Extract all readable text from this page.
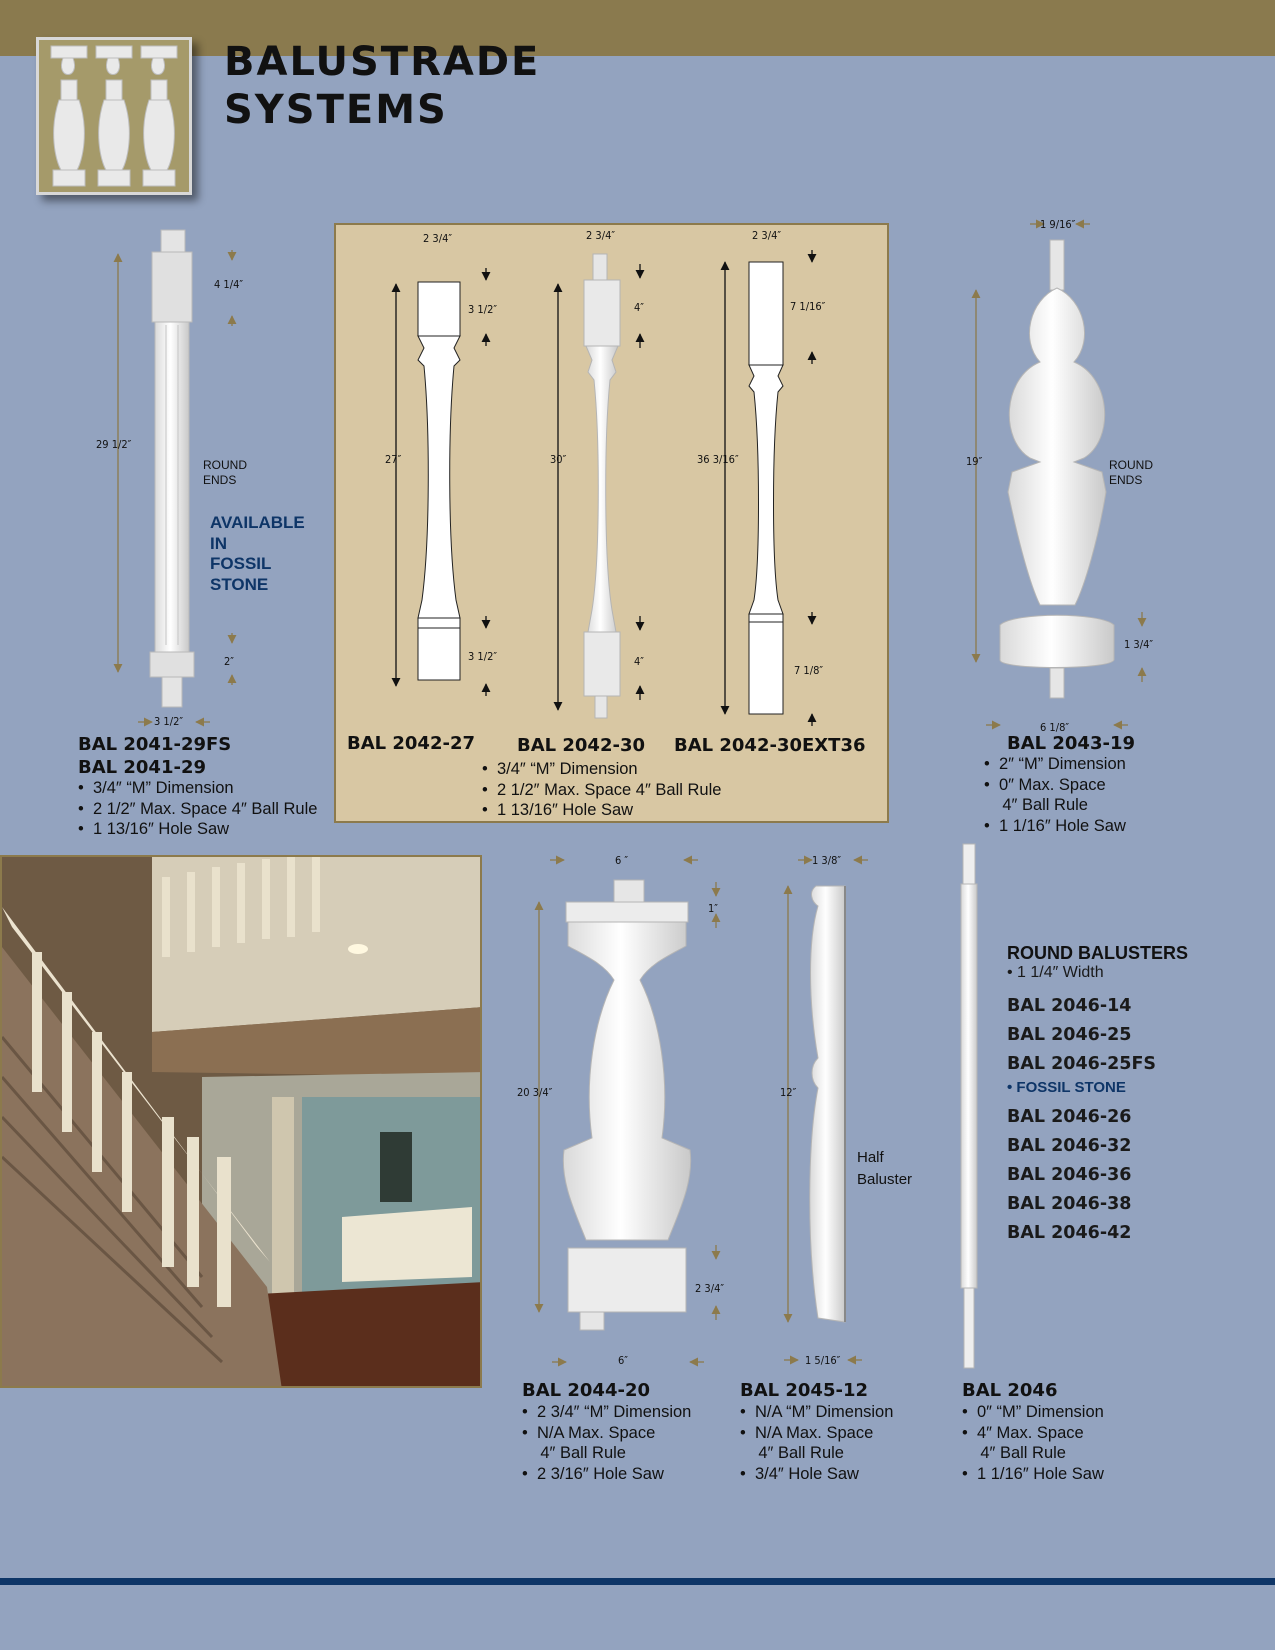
BALUSTRADE
SYSTEMS
4 1/4″
29 1/2″
2″
3 1/2″
ROUND
ENDS
AVAILABLE
IN
FOSSIL
STONE
BAL 2041-29FS
BAL 2041-29
•  3/4″ “M” Dimension
•  2 1/2″ Max. Space 4″ Ball Rule
•  1 13/16″ Hole Saw
2 3/4″
3 1/2″
27″
3 1/2″
2 3/4″
4″
30″
4″
2 3/4″
7 1/16″
36 3/16″
7 1/8″
BAL 2042-27 BAL 2042-30 BAL 2042-30EXT36
•  3/4″ “M” Dimension
•  2 1/2″ Max. Space 4″ Ball Rule
•  1 13/16″ Hole Saw
1 9/16″
19″
1 3/4″
6 1/8″
ROUND
ENDS
BAL 2043-19
•  2″ “M” Dimension
•  0″ Max. Space
4″ Ball Rule
•  1 1/16″ Hole Saw
6 ″
1″
20 3/4″
2 3/4″
6″
BAL 2044-20
•  2 3/4″ “M” Dimension
•  N/A Max. Space
4″ Ball Rule
•  2 3/16″ Hole Saw
1 3/8″
12″
Half
Baluster
1 5/16″
BAL 2045-12
•  N/A “M” Dimension
•  N/A Max. Space
4″ Ball Rule
•  3/4″ Hole Saw
BAL 2046
•  0″ “M” Dimension
•  4″ Max. Space
4″ Ball Rule
•  1 1/16″ Hole Saw
ROUND BALUSTERS
• 1 1/4″ Width
BAL 2046-14
BAL 2046-25
BAL 2046-25FS
• FOSSIL STONE
BAL 2046-26
BAL 2046-32
BAL 2046-36
BAL 2046-38
BAL 2046-42
